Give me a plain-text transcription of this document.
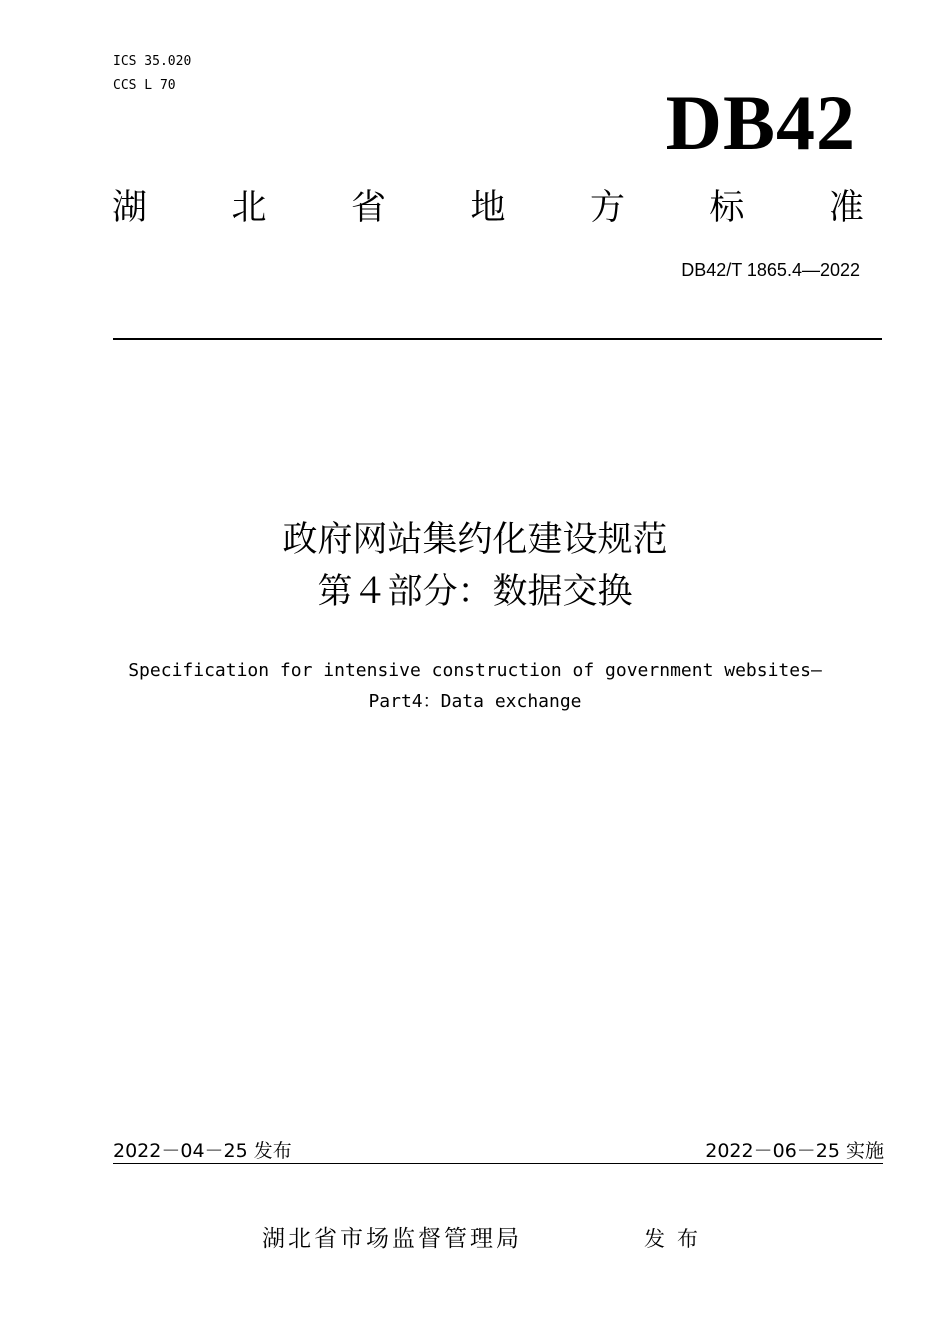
ICS 35.020
CCS L 70	DB42
湖 北 省 地 方 标 准
DB42/T 1865.4—2022
政府网站集约化建设规范
第４部分：数据交换
Specification for intensive construction of government websites—
Part4：Data exchange
2022－04－25 发布	2022－06－25 实施
湖北省市场监督管理局	发布
